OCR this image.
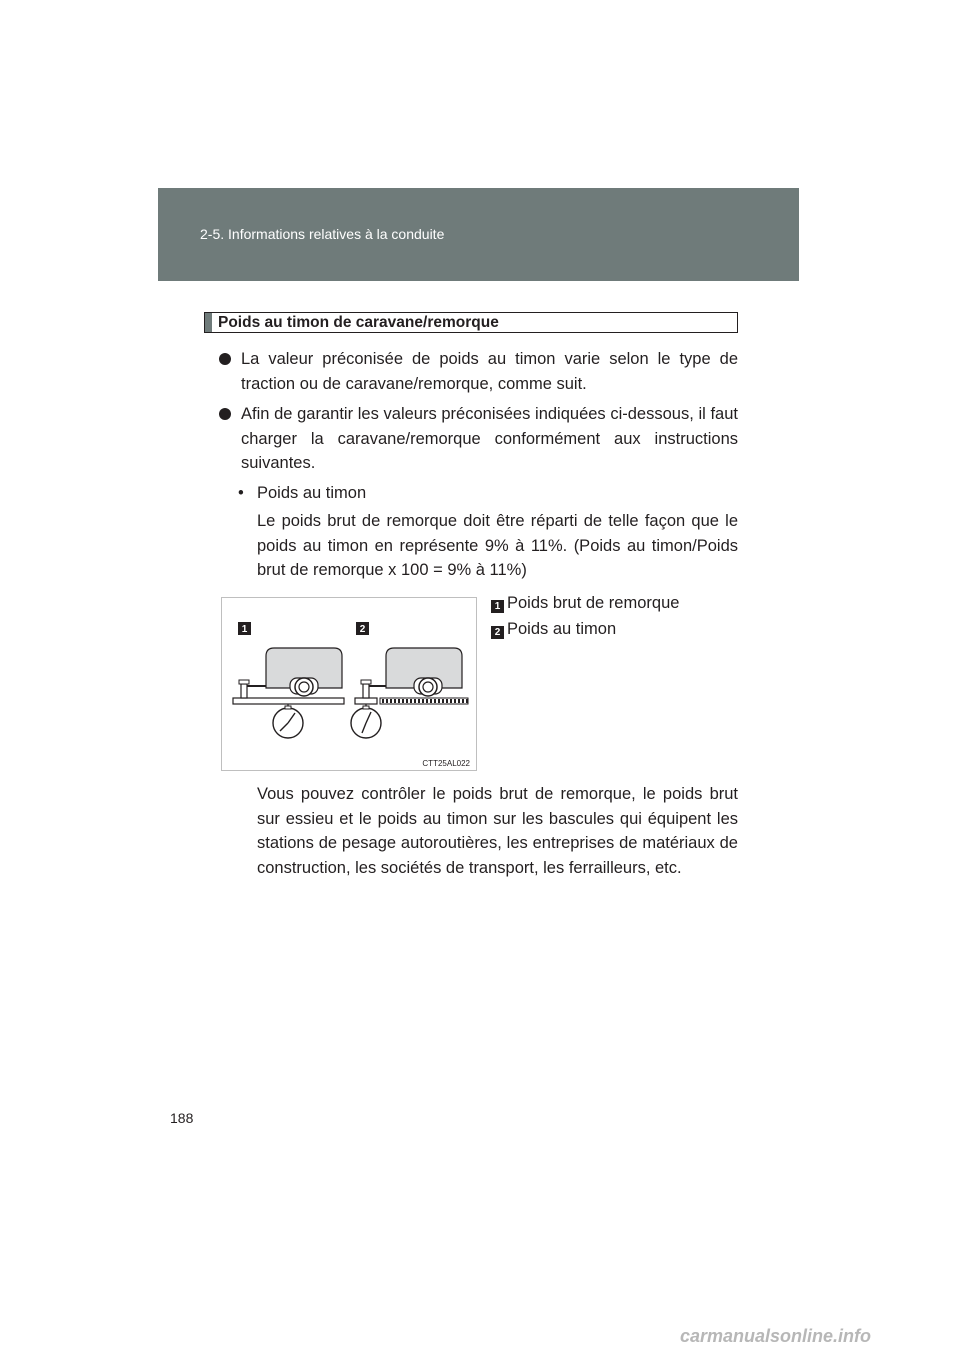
2-5. Informations relatives à la conduite
Poids au timon de caravane/remorque
La valeur préconisée de poids au timon varie selon le type de traction ou de caravane/remorque, comme suit.
Afin de garantir les valeurs préconisées indiquées ci-dessous, il faut charger la caravane/remorque conformément aux instructions suivantes.
• Poids au timon
Le poids brut de remorque doit être réparti de telle façon que le poids au timon en représente 9% à 11%. (Poids au timon/Poids brut de remorque x 100 = 9% à 11%)
1	2
CTT25AL022
1 Poids brut de remorque
2 Poids au timon
Vous pouvez contrôler le poids brut de remorque, le poids brut sur essieu et le poids au timon sur les bascules qui équipent les stations de pesage autoroutières, les entreprises de matériaux de construction, les sociétés de transport, les ferrailleurs, etc.
188
carmanualsonline.info
